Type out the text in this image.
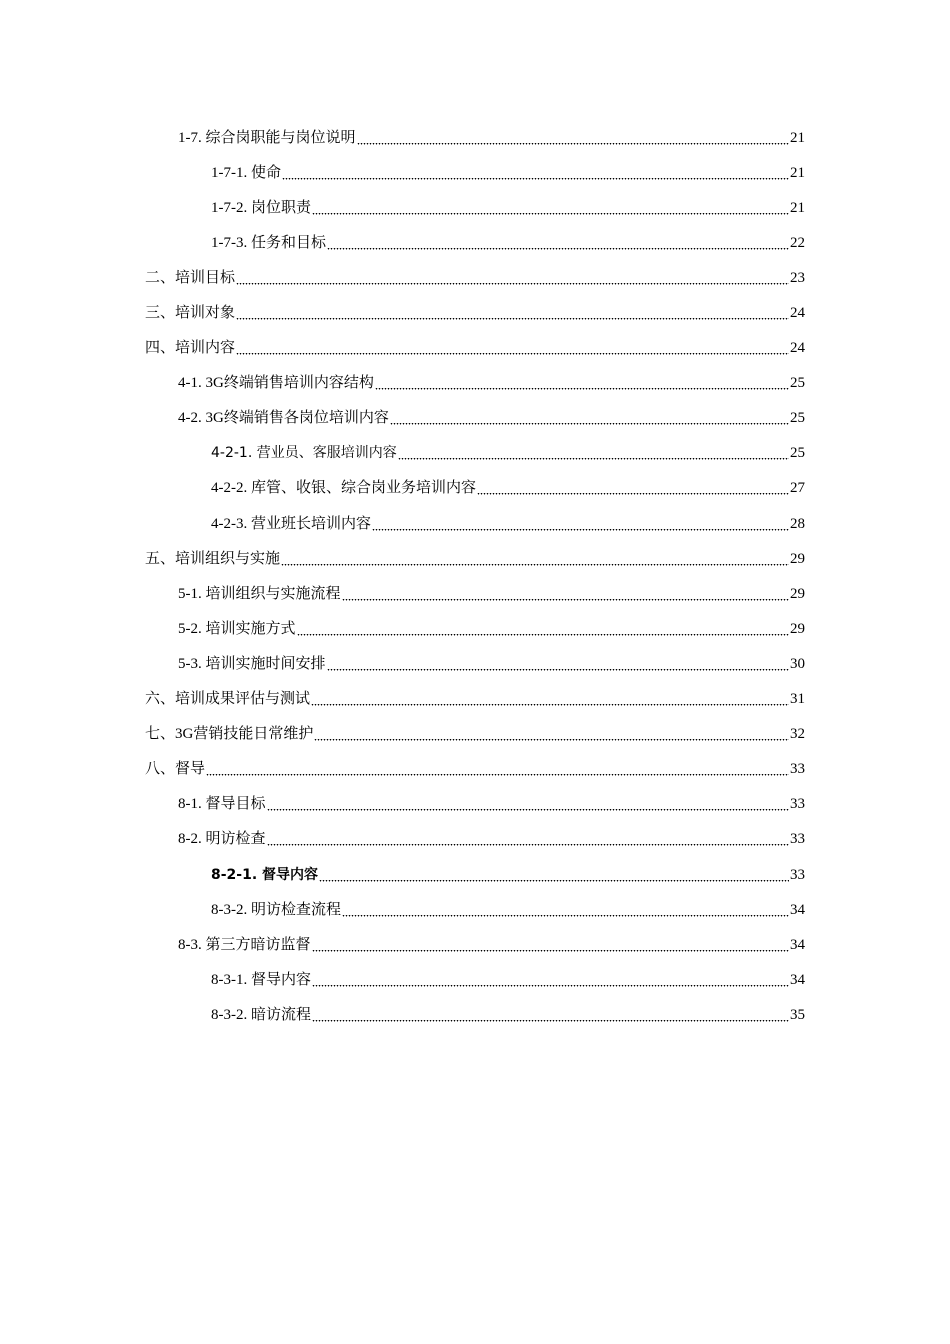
1-7. 综合岗职能与岗位说明	21
1-7-1. 使命	21
1-7-2. 岗位职责	21
1-7-3. 任务和目标	22
二、培训目标	23
三、培训对象	24
四、培训内容	24
4-1. 3G终端销售培训内容结构	25
4-2. 3G终端销售各岗位培训内容	25
4-2-1. 营业员、客服培训内容	25
4-2-2. 库管、收银、综合岗业务培训内容	27
4-2-3. 营业班长培训内容	28
五、培训组织与实施	29
5-1. 培训组织与实施流程	29
5-2. 培训实施方式	29
5-3. 培训实施时间安排	30
六、培训成果评估与测试	31
七、3G营销技能日常维护	32
八、督导	33
8-1. 督导目标	33
8-2. 明访检查	33
8-2-1. 督导内容	33
8-3-2. 明访检查流程	34
8-3. 第三方暗访监督	34
8-3-1. 督导内容	34
8-3-2. 暗访流程	35
